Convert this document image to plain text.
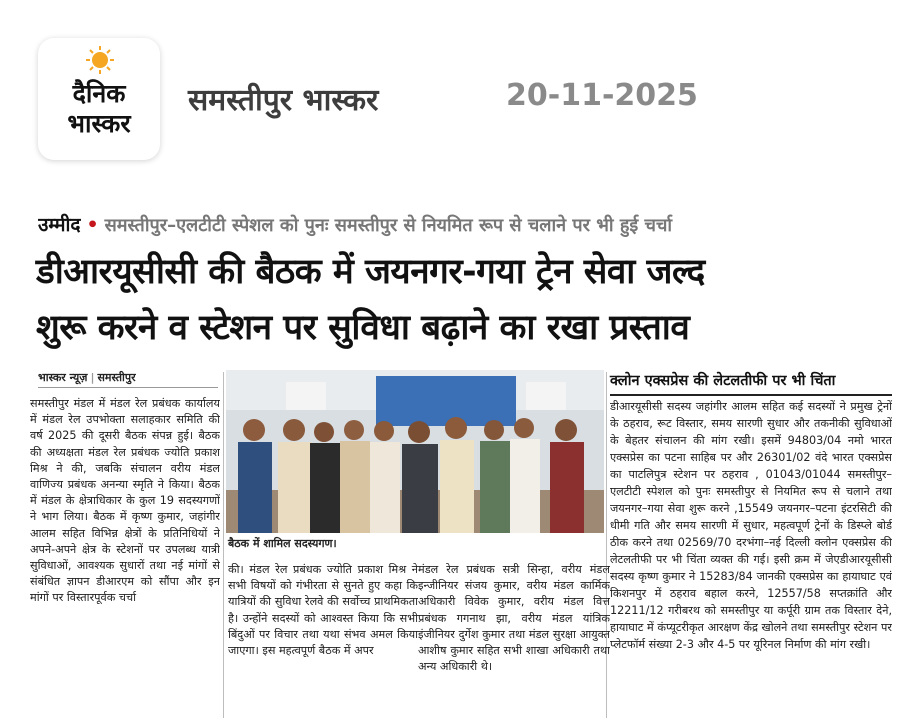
दैनिक
भास्कर
समस्तीपुर भास्कर	20-11-2025
उम्मीद • समस्तीपुर–एलटीटी स्पेशल को पुनः समस्तीपुर से नियमित रूप से चलाने पर भी हुई चर्चा
डीआरयूसीसी की बैठक में जयनगर-गया ट्रेन सेवा जल्द
शुरू करने व स्टेशन पर सुविधा बढ़ाने का रखा प्रस्ताव
भास्कर न्यूज़ | समस्तीपुर
समस्तीपुर मंडल में मंडल रेल प्रबंधक कार्यालय में मंडल रेल उपभोक्ता सलाहकार समिति की वर्ष 2025 की दूसरी बैठक संपन्न हुई। बैठक की अध्यक्षता मंडल रेल प्रबंधक ज्योति प्रकाश मिश्र ने की, जबकि संचालन वरीय मंडल वाणिज्य प्रबंधक अनन्या स्मृति ने किया। बैठक में मंडल के क्षेत्राधिकार के कुल 19 सदस्यगणों ने भाग लिया। बैठक में कृष्ण कुमार, जहांगीर आलम सहित विभिन्न क्षेत्रों के प्रतिनिधियों ने अपने-अपने क्षेत्र के स्टेशनों पर उपलब्ध यात्री सुविधाओं, आवश्यक सुधारों तथा नई मांगों से संबंधित ज्ञापन डीआरएम को सौंपा और इन मांगों पर विस्तारपूर्वक चर्चा
बैठक में शामिल सदस्यगण।
की। मंडल रेल प्रबंधक ज्योति प्रकाश मिश्र ने सभी विषयों को गंभीरता से सुनते हुए कहा कि यात्रियों की सुविधा रेलवे की सर्वोच्च प्राथमिकता है। उन्होंने सदस्यों को आश्वस्त किया कि सभी बिंदुओं पर विचार तथा यथा संभव अमल किया जाएगा। इस महत्वपूर्ण बैठक में अपर
मंडल रेल प्रबंधक सत्री सिन्हा, वरीय मंडल इन्जीनियर संजय कुमार, वरीय मंडल कार्मिक अधिकारी विवेक कुमार, वरीय मंडल वित्त प्रबंधक गगनाथ झा, वरीय मंडल यांत्रिक इंजीनियर दुर्गेश कुमार तथा मंडल सुरक्षा आयुक्त आशीष कुमार सहित सभी शाखा अधिकारी तथा अन्य अधिकारी थे।
क्लोन एक्सप्रेस की लेटलतीफी पर भी चिंता
डीआरयूसीसी सदस्य जहांगीर आलम सहित कई सदस्यों ने प्रमुख ट्रेनों के ठहराव, रूट विस्तार, समय सारणी सुधार और तकनीकी सुविधाओं के बेहतर संचालन की मांग रखी। इसमें 94803/04 नमो भारत एक्सप्रेस का पटना साहिब पर और 26301/02 वंदे भारत एक्सप्रेस का पाटलिपुत्र स्टेशन पर ठहराव , 01043/01044 समस्तीपुर–एलटीटी स्पेशल को पुनः समस्तीपुर से नियमित रूप से चलाने तथा जयनगर–गया सेवा शुरू करने ,15549 जयनगर–पटना इंटरसिटी की धीमी गति और समय सारणी में सुधार, महत्वपूर्ण ट्रेनों के डिस्प्ले बोर्ड ठीक करने तथा 02569/70 दरभंगा–नई दिल्ली क्लोन एक्सप्रेस की लेटलतीफी पर भी चिंता व्यक्त की गई। इसी क्रम में जेएडीआरयूसीसी सदस्य कृष्ण कुमार ने 15283/84 जानकी एक्सप्रेस का हायाघाट एवं किशनपुर में ठहराव बहाल करने, 12557/58 सप्तक्रांति और 12211/12 गरीबरथ को समस्तीपुर या कर्पूरी ग्राम तक विस्तार देने, हायाघाट में कंप्यूटरीकृत आरक्षण केंद्र खोलने तथा समस्तीपुर स्टेशन पर प्लेटफॉर्म संख्या 2-3 और 4-5 पर यूरिनल निर्माण की मांग रखी।
